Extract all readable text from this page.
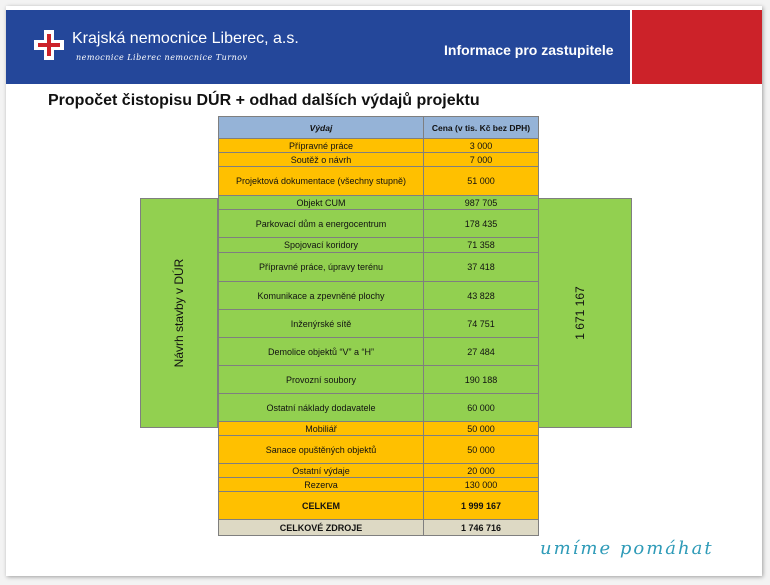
Krajská nemocnice Liberec, a.s.
nemocnice Liberec nemocnice Turnov	Informace pro zastupitele
Propočet čistopisu DÚR + odhad dalších výdajů projektu
Návrh stavby v DÚR	1 671 167
Výdaj	Cena (v tis. Kč bez DPH)
Přípravné práce	3 000
Soutěž o návrh	7 000
Projektová dokumentace (všechny stupně)	51 000
Objekt CUM	987 705
Parkovací dům a energocentrum	178 435
Spojovací koridory	71 358
Přípravné práce, úpravy terénu	37 418
Komunikace a zpevněné plochy	43 828
Inženýrské sítě	74 751
Demolice objektů “V” a “H”	27 484
Provozní soubory	190 188
Ostatní náklady dodavatele	60 000
Mobiliář	50 000
Sanace opuštěných objektů	50 000
Ostatní výdaje	20 000
Rezerva	130 000
CELKEM	1 999 167
CELKOVÉ ZDROJE	1 746 716
umíme pomáhat
